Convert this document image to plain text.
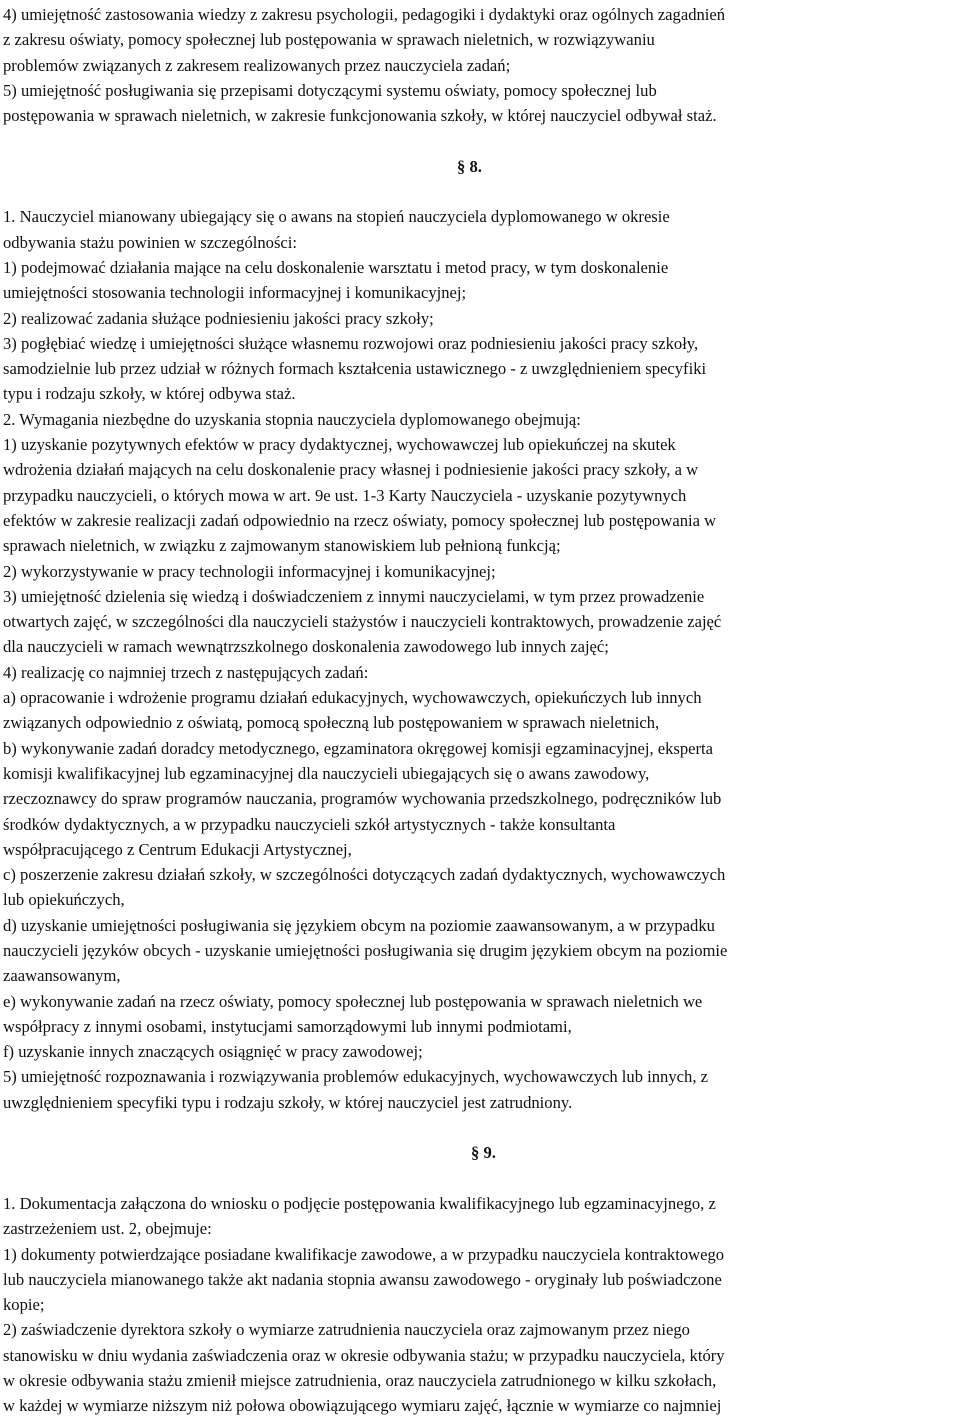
4) umiejętność zastosowania wiedzy z zakresu psychologii, pedagogiki i dydaktyki oraz ogólnych zagadnień
z zakresu oświaty, pomocy społecznej lub postępowania w sprawach nieletnich, w rozwiązywaniu
problemów związanych z zakresem realizowanych przez nauczyciela zadań;
5) umiejętność posługiwania się przepisami dotyczącymi systemu oświaty, pomocy społecznej lub
postępowania w sprawach nieletnich, w zakresie funkcjonowania szkoły, w której nauczyciel odbywał staż.
§ 8.
1. Nauczyciel mianowany ubiegający się o awans na stopień nauczyciela dyplomowanego w okresie
odbywania stażu powinien w szczególności:
1) podejmować działania mające na celu doskonalenie warsztatu i metod pracy, w tym doskonalenie
umiejętności stosowania technologii informacyjnej i komunikacyjnej;
2) realizować zadania służące podniesieniu jakości pracy szkoły;
3) pogłębiać wiedzę i umiejętności służące własnemu rozwojowi oraz podniesieniu jakości pracy szkoły,
samodzielnie lub przez udział w różnych formach kształcenia ustawicznego - z uwzględnieniem specyfiki
typu i rodzaju szkoły, w której odbywa staż.
2. Wymagania niezbędne do uzyskania stopnia nauczyciela dyplomowanego obejmują:
1) uzyskanie pozytywnych efektów w pracy dydaktycznej, wychowawczej lub opiekuńczej na skutek
wdrożenia działań mających na celu doskonalenie pracy własnej i podniesienie jakości pracy szkoły, a w
przypadku nauczycieli, o których mowa w art. 9e ust. 1-3 Karty Nauczyciela - uzyskanie pozytywnych
efektów w zakresie realizacji zadań odpowiednio na rzecz oświaty, pomocy społecznej lub postępowania w
sprawach nieletnich, w związku z zajmowanym stanowiskiem lub pełnioną funkcją;
2) wykorzystywanie w pracy technologii informacyjnej i komunikacyjnej;
3) umiejętność dzielenia się wiedzą i doświadczeniem z innymi nauczycielami, w tym przez prowadzenie
otwartych zajęć, w szczególności dla nauczycieli stażystów i nauczycieli kontraktowych, prowadzenie zajęć
dla nauczycieli w ramach wewnątrzszkolnego doskonalenia zawodowego lub innych zajęć;
4) realizację co najmniej trzech z następujących zadań:
a) opracowanie i wdrożenie programu działań edukacyjnych, wychowawczych, opiekuńczych lub innych
związanych odpowiednio z oświatą, pomocą społeczną lub postępowaniem w sprawach nieletnich,
b) wykonywanie zadań doradcy metodycznego, egzaminatora okręgowej komisji egzaminacyjnej, eksperta
komisji kwalifikacyjnej lub egzaminacyjnej dla nauczycieli ubiegających się o awans zawodowy,
rzeczoznawcy do spraw programów nauczania, programów wychowania przedszkolnego, podręczników lub
środków dydaktycznych, a w przypadku nauczycieli szkół artystycznych - także konsultanta
współpracującego z Centrum Edukacji Artystycznej,
c) poszerzenie zakresu działań szkoły, w szczególności dotyczących zadań dydaktycznych, wychowawczych
lub opiekuńczych,
d) uzyskanie umiejętności posługiwania się językiem obcym na poziomie zaawansowanym, a w przypadku
nauczycieli języków obcych - uzyskanie umiejętności posługiwania się drugim językiem obcym na poziomie
zaawansowanym,
e) wykonywanie zadań na rzecz oświaty, pomocy społecznej lub postępowania w sprawach nieletnich we
współpracy z innymi osobami, instytucjami samorządowymi lub innymi podmiotami,
f) uzyskanie innych znaczących osiągnięć w pracy zawodowej;
5) umiejętność rozpoznawania i rozwiązywania problemów edukacyjnych, wychowawczych lub innych, z
uwzględnieniem specyfiki typu i rodzaju szkoły, w której nauczyciel jest zatrudniony.
§ 9.
1. Dokumentacja załączona do wniosku o podjęcie postępowania kwalifikacyjnego lub egzaminacyjnego, z
zastrzeżeniem ust. 2, obejmuje:
1) dokumenty potwierdzające posiadane kwalifikacje zawodowe, a w przypadku nauczyciela kontraktowego
lub nauczyciela mianowanego także akt nadania stopnia awansu zawodowego - oryginały lub poświadczone
kopie;
2) zaświadczenie dyrektora szkoły o wymiarze zatrudnienia nauczyciela oraz zajmowanym przez niego
stanowisku w dniu wydania zaświadczenia oraz w okresie odbywania stażu; w przypadku nauczyciela, który
w okresie odbywania stażu zmienił miejsce zatrudnienia, oraz nauczyciela zatrudnionego w kilku szkołach,
w każdej w wymiarze niższym niż połowa obowiązującego wymiaru zajęć, łącznie w wymiarze co najmniej
